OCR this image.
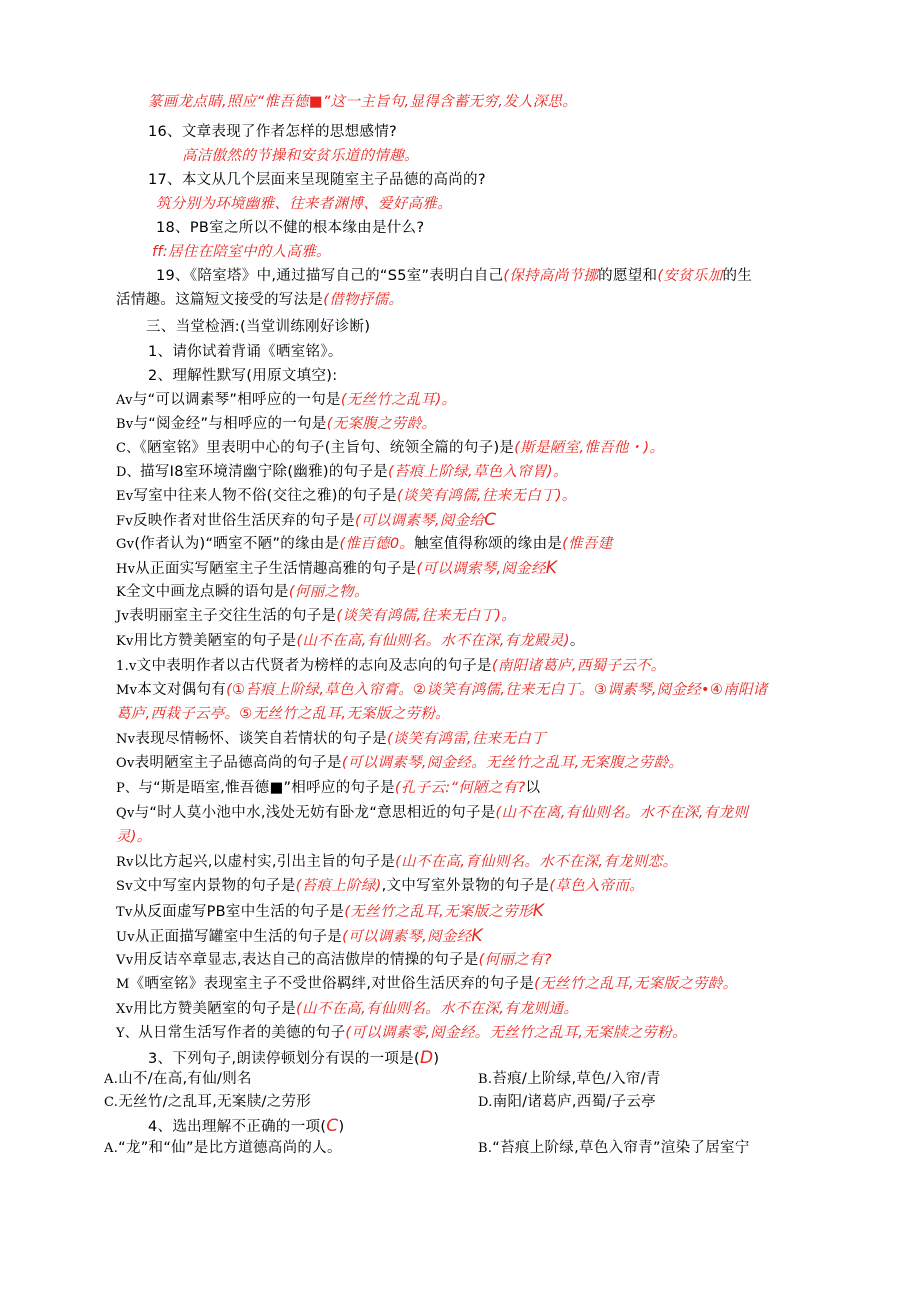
篆画龙点睛,照应“惟吾德■”这一主旨句,显得含蓄无穷,发人深思。
16、文章表现了作者怎样的思想感情?
高洁傲然的节操和安贫乐道的情趣。
17、本文从几个层面来呈现随室主子品德的高尚的?
筑分别为环境幽雅、往来者渊博、爱好高雅。
18、PB室之所以不健的根本缘由是什么?
ff:居住在陪室中的人高雅。
19、《陪室塔》中,通过描写自己的“S5室”表明白自己(保持高尚节挪的愿望和(安贫乐加的生
活情趣。这篇短文接受的写法是(借物抒儒。
三、当堂检酒:(当堂训练刚好诊断)
1、请你试着背诵《晒室铭》。
2、理解性默写(用原文填空):
Av与“可以调素琴”相呼应的一句是(无丝竹之乱耳)。
Bv与“阅金经”与相呼应的一句是(无案腹之劳龄。
C、《陋室铭》里表明中心的句子(主旨句、统领全篇的句子)是(斯是陋室,惟吾他・)。
D、描写I8室环境清幽宁除(幽雅)的句子是(苔痕上阶绿,草色入帘胃)。
Ev写室中往来人物不俗(交往之雅)的句子是(谈笑有鸿儒,往来无白丁)。
Fv反映作者对世俗生活厌弃的句子是(可以调素琴,阅金给C
Gv(作者认为)“晒室不陋”的缘由是(惟百德0。触室值得称颂的缘由是(惟吾建
Hv从正面实写陋室主子生活情趣高雅的句子是(可以调索琴,阅金经K
K全文中画龙点瞬的语句是(何丽之物。
Jv表明丽室主子交往生活的句子是(谈笑有鸿儒,往来无白丁)。
Kv用比方赞美陋室的句子是(山不在高,有仙则名。水不在深,有龙殿灵)。
1.v文中表明作者以古代贤者为榜样的志向及志向的句子是(南阳诸葛庐,西蜀子云不。
Mv本文对偶句有(①苔痕上阶绿,草色入帘膏。②谈笑有鸿儒,往来无白丁。③调素琴,阅金经•④南阳诸
葛庐,西栽子云亭。⑤无丝竹之乱耳,无案版之劳粉。
Nv表现尽情畅怀、谈笑自若情状的句子是(谈笑有鸿雷,往来无白丁
Ov表明陋室主子品德高尚的句子是(可以调素琴,阅金经。无丝竹之乱耳,无案腹之劳龄。
P、与“斯是晤室,惟吾德■”相呼应的句子是(孔子云:“何陋之有?以
Qv与“时人莫小池中水,浅处无妨有卧龙“意思相近的句子是(山不在离,有仙则名。水不在深,有龙则
灵)。
Rv以比方起兴,以虚村实,引出主旨的句子是(山不在高,育仙则名。水不在深,有龙则恋。
Sv文中写室内景物的句子是(苔痕上阶绿),文中写室外景物的句子是(草色入帝而。
Tv从反面虚写PB室中生活的句子是(无丝竹之乱耳,无案版之劳形K
Uv从正面描写罐室中生活的句子是(可以调素琴,阅金经K
Vv用反诘卒章显志,表达自己的高洁傲岸的情操的句子是(何丽之有?
M《晒室铭》表现室主子不受世俗羁绊,对世俗生活厌弃的句子是(无丝竹之乱耳,无案版之劳龄。
Xv用比方赞美陋室的句子是(山不在高,有仙则名。水不在深,有龙则通。
Y、从日常生活写作者的美德的句子(可以调素零,阅金经。无丝竹之乱耳,无案牍之劳粉。
3、下列句子,朗读停顿划分有误的一项是(D)
A.山不/在高,有仙/则名	B.苔痕/上阶绿,草色/入帘/青
C.无丝竹/之乱耳,无案牍/之劳形	D.南阳/诸葛庐,西蜀/子云亭
4、选出理解不正确的一项(C)
A.“龙”和“仙”是比方道德高尚的人。	B.“苔痕上阶绿,草色入帘青”渲染了居室宁
